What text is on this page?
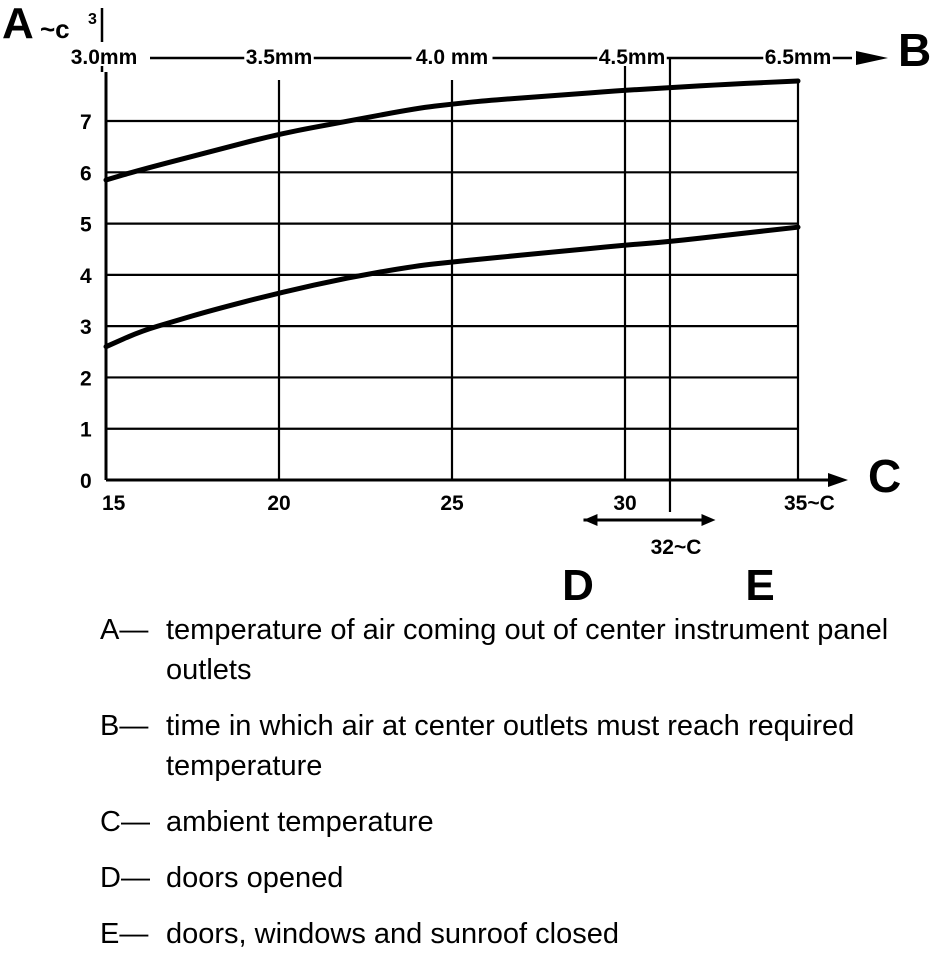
0
1
2
3
4
5
6
7
15	20	25	30	35~C
3.0mm	3.5mm	4.0 mm	4.5mm	6.5mm
A ~c 3
B
C
D	E
32~C
A— temperature of air coming out of center instrument panel outlets
B— time in which air at center outlets must reach required temperature
C— ambient temperature
D— doors opened
E— doors, windows and sunroof closed
